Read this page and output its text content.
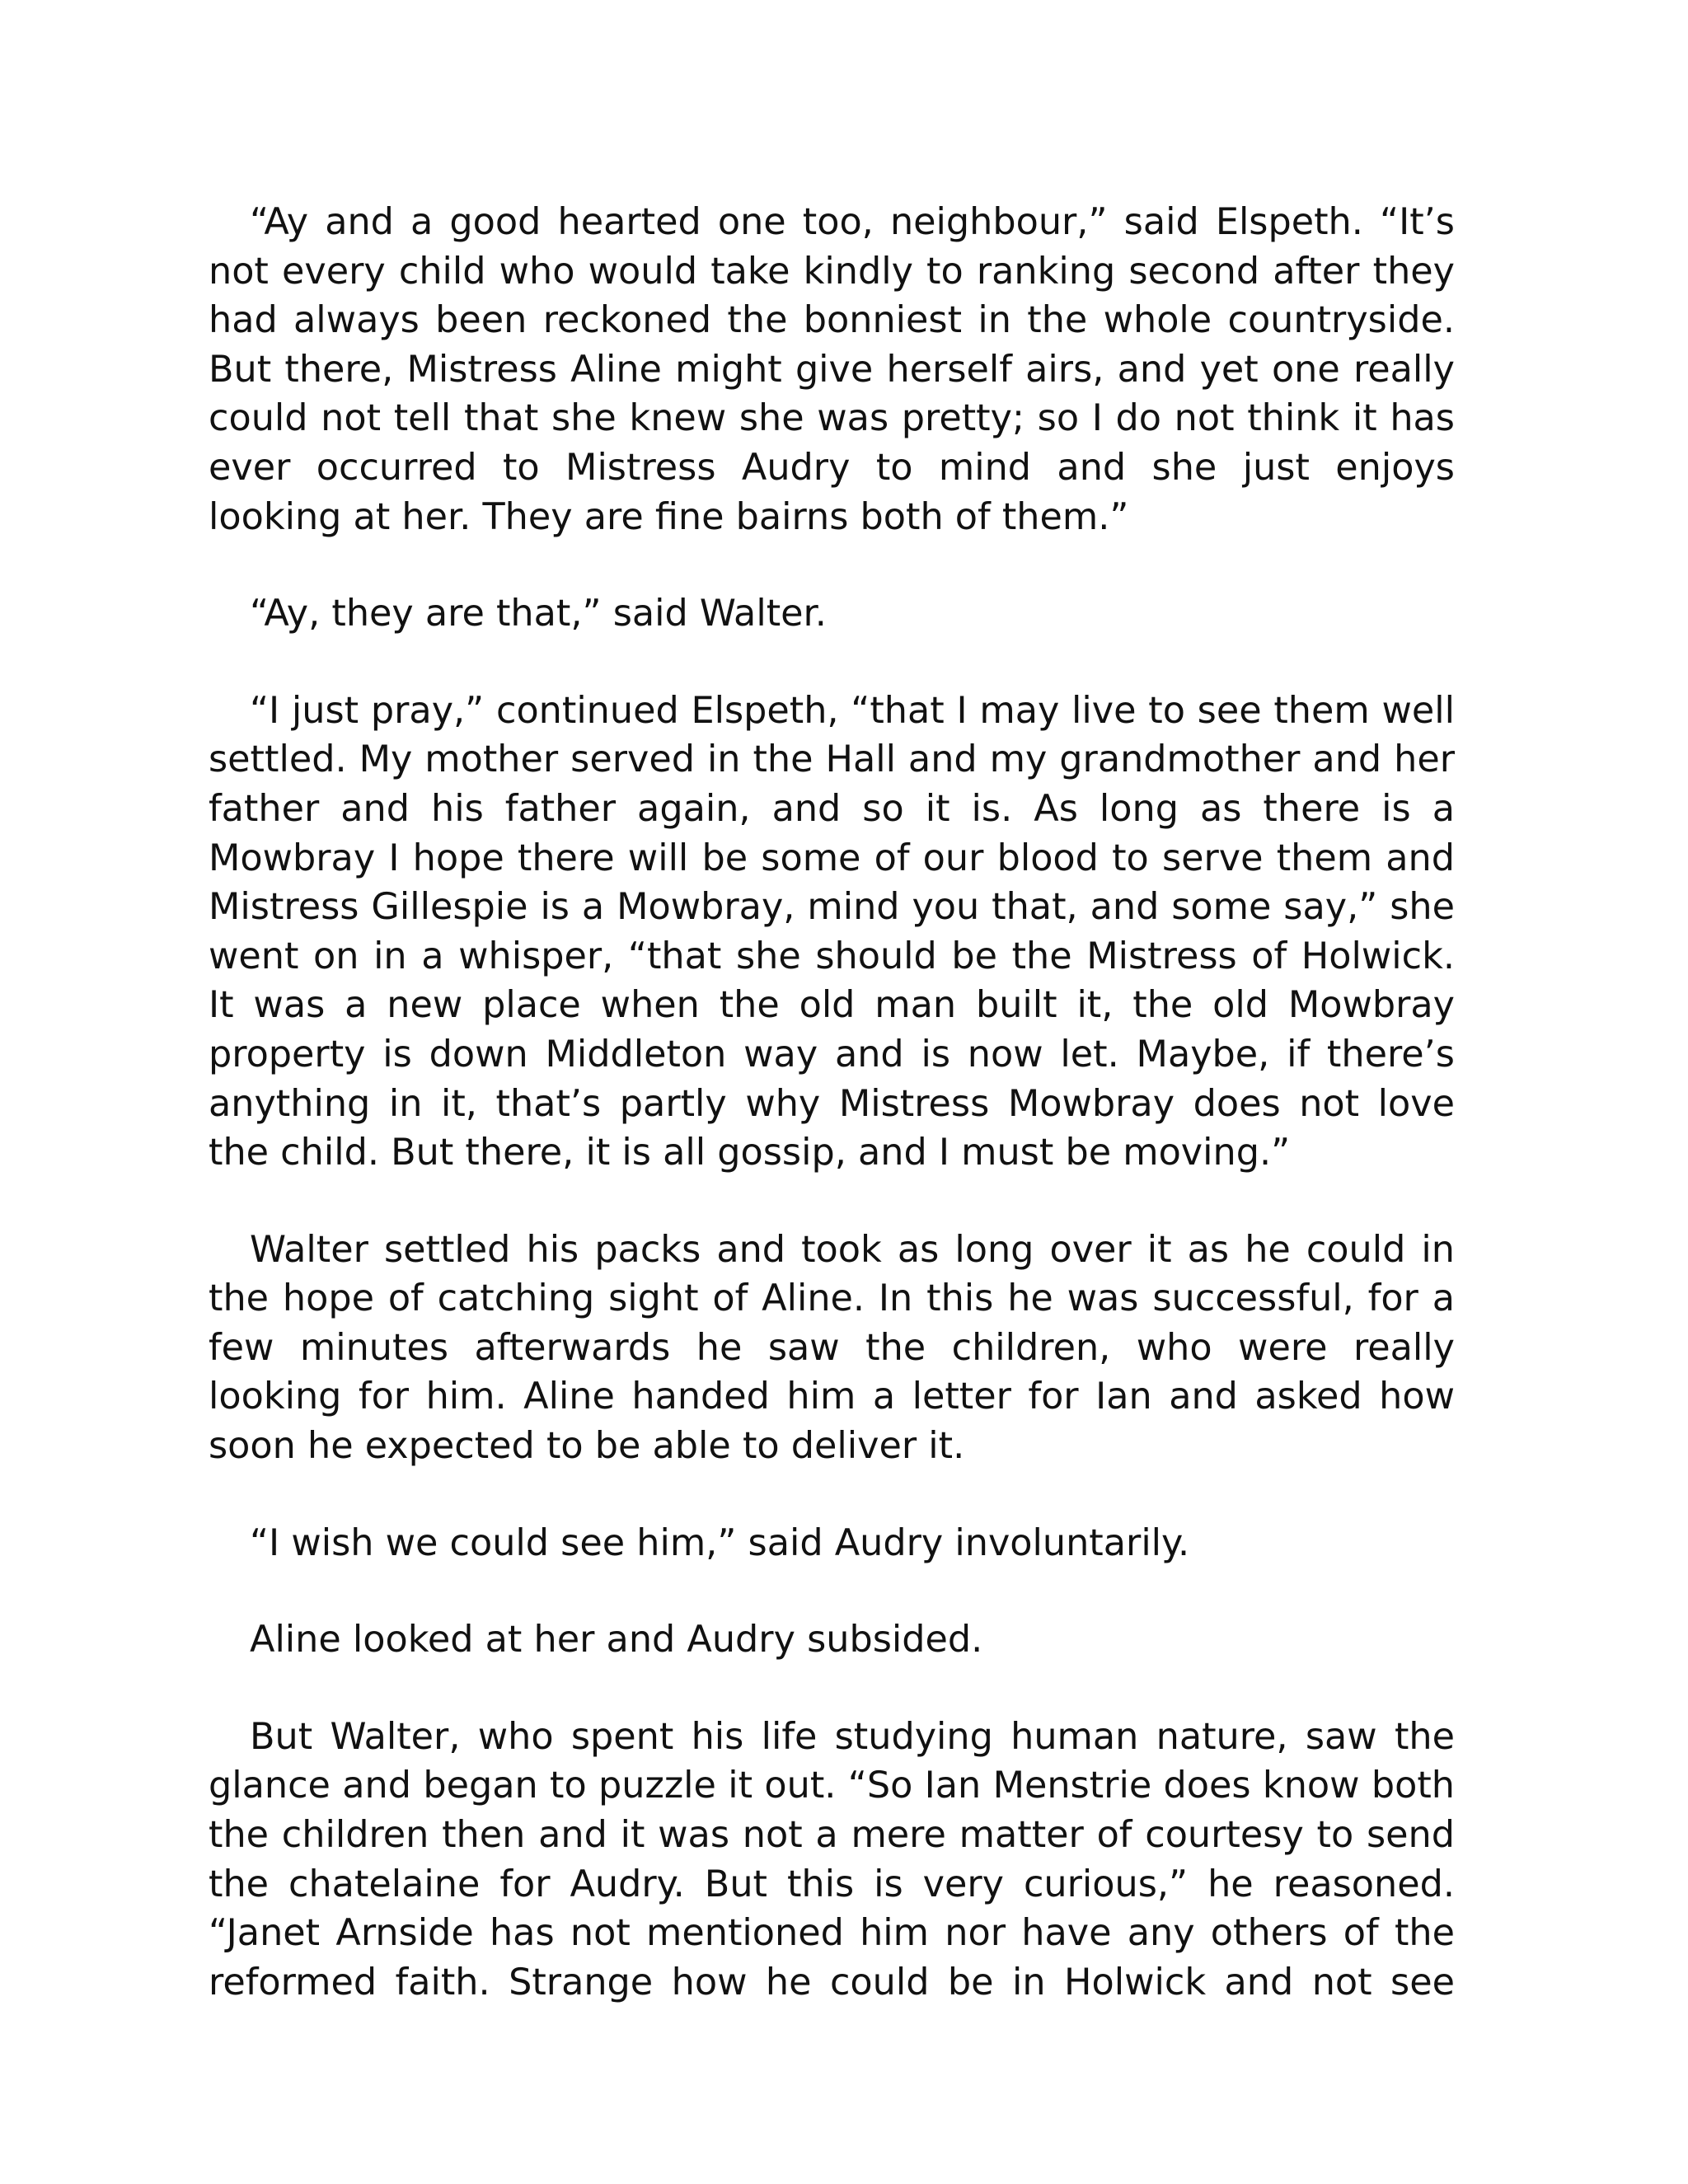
“Ay and a good hearted one too, neighbour,” said Elspeth. “It’s not every child who would take kindly to ranking second after they had always been reckoned the bonniest in the whole countryside. But there, Mistress Aline might give herself airs, and yet one really could not tell that she knew she was pretty; so I do not think it has ever occurred to Mistress Audry to mind and she just enjoys looking at her. They are fine bairns both of them.”

“Ay, they are that,” said Walter.

“I just pray,” continued Elspeth, “that I may live to see them well settled. My mother served in the Hall and my grandmother and her father and his father again, and so it is. As long as there is a Mowbray I hope there will be some of our blood to serve them and Mistress Gillespie is a Mowbray, mind you that, and some say,” she went on in a whisper, “that she should be the Mistress of Holwick. It was a new place when the old man built it, the old Mowbray property is down Middleton way and is now let. Maybe, if there’s anything in it, that’s partly why Mistress Mowbray does not love the child. But there, it is all gossip, and I must be moving.”

Walter settled his packs and took as long over it as he could in the hope of catching sight of Aline. In this he was successful, for a few minutes afterwards he saw the children, who were really looking for him. Aline handed him a letter for Ian and asked how soon he expected to be able to deliver it.

“I wish we could see him,” said Audry involuntarily.

Aline looked at her and Audry subsided.

But Walter, who spent his life studying human nature, saw the glance and began to puzzle it out. “So Ian Menstrie does know both the children then and it was not a mere matter of courtesy to send the chatelaine for Audry. But this is very curious,” he reasoned. “Janet Arnside has not mentioned him nor have any others of the reformed faith. Strange how he could be in Holwick and not see
